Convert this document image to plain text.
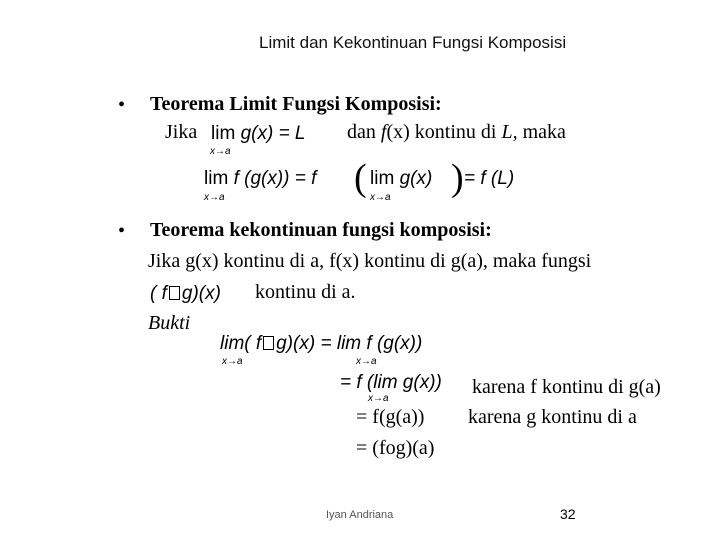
Limit dan Kekontinuan Fungsi Komposisi
• Teorema Limit Fungsi Komposisi:
Jika lim g(x) = L
x→a
dan f(x) kontinu di L, maka
lim f (g(x)) = f
x→a	( lim g(x)
x→a ) = f (L)
• Teorema kekontinuan fungsi komposisi:
Jika g(x) kontinu di a, f(x) kontinu di g(a), maka fungsi
( f g)(x) kontinu di a.
Bukti
lim( f g)(x) = lim f (g(x))
x→a	x→a
= f (lim g(x))
x→a
karena f kontinu di g(a)
= f(g(a)) karena g kontinu di a
= (fog)(a)
Iyan Andriana	32
